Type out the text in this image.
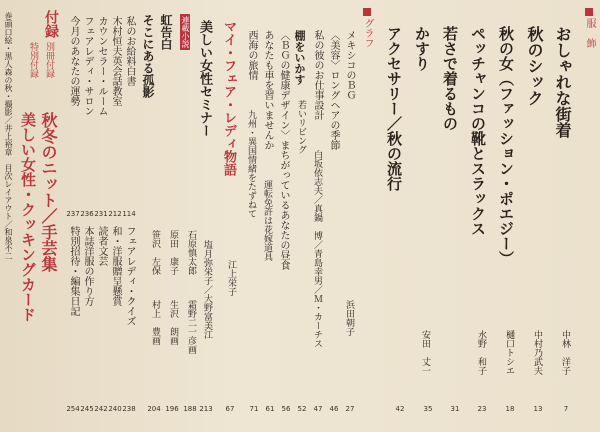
服　飾
おしゃれな街着
中林　洋子
7
秋のシック
中村乃武夫
13
秋の女（ファッション・ポエジー）
樋口トシエ
18
ペッチャンコの靴とスラックス
水野　和子
23
若さで着るもの
31
かすり
安田　丈一
35
アクセサリー／秋の流行
42
グラフ
メキシコのＢＧ
浜田朝子
27
〈美容〉ロングヘアの季節
46
私の彼のお仕事設計
白坂依志夫／真鍋　博／青島幸男／Ｍ・カーチス
47
棚をいかす
若いリビング
52
〈ＢＧの健康デザイン〉まちがっているあなたの昼食
56
あなたも車を習いませんか
運転免許は花嫁道具
61
西海の旅情
九州・異国情緒をたずねて
71
マイ・フェア・レディ物語
江上栄子
67
美しい女性セミナー
塩月弥栄子／大野富美江
213
連載小説
虹告白
そこにある孤影
石原慎太郎
霜野二一彦画
188
原田　康子
生沢　朗画
196
笹沢　左保
村上　豊画
204
私のお給料白書
114
木村恒夫英会話教室
212
カウンセラー・ルーム
231
フェアレディ・サロン
236
今月のあなたの運勢
237
フェアレディ・クイズ
238
和・洋服贈呈懸賞
240
読者文芸
242
本誌洋服の作り方
245
特別招待・編集日記
254
付録
別冊付録
特別付録
秋冬のニット／手芸集
美しい女性・クッキングカード
巻頭口絵・黒人森の秋・撮影／井上裕章　目次レイアウト／和泉不二
